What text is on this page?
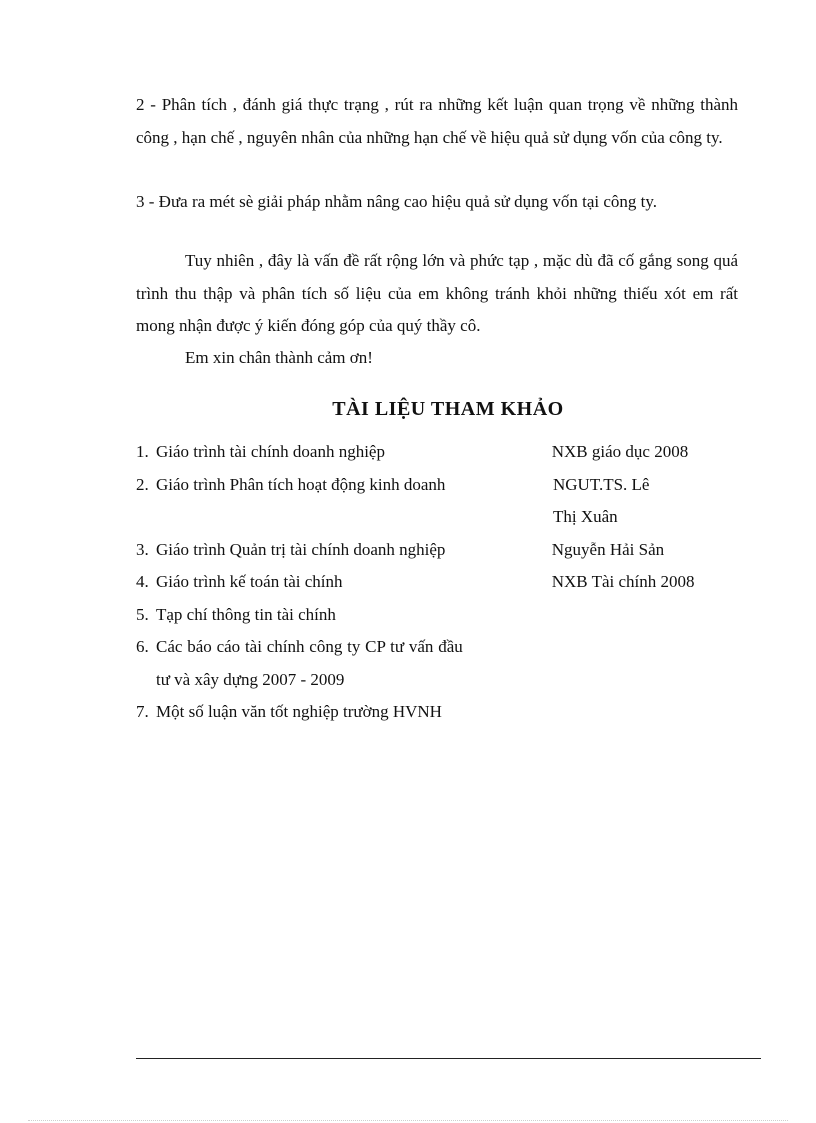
2 - Phân tích , đánh giá thực trạng , rút ra những kết luận quan trọng về những thành công , hạn chế , nguyên nhân của những hạn chế về hiệu quả sử dụng vốn của công ty.

3 - Đưa ra mét sè giải pháp nhằm nâng cao hiệu quả sử dụng vốn tại công ty.

Tuy nhiên , đây là vấn đề rất rộng lớn và phức tạp , mặc dù đã cố gắng song quá trình thu thập và phân tích số liệu của em không tránh khỏi những thiếu xót em rất mong nhận được ý kiến đóng góp của quý thầy cô.

Em xin chân thành cảm ơn!

TÀI LIỆU THAM KHẢO
1. Giáo trình tài chính doanh nghiệp	NXB giáo dục 2008
2. Giáo trình Phân tích hoạt động kinh doanh	NGUT.TS. Lê Thị Xuân
3. Giáo trình Quản trị tài chính doanh nghiệp	Nguyễn Hải Sản
4. Giáo trình kế toán tài chính	NXB Tài chính 2008
5. Tạp chí thông tin tài chính
6. Các báo cáo tài chính công ty CP tư vấn đầu tư và xây dựng 2007 - 2009
7. Một số luận văn tốt nghiệp trường HVNH
